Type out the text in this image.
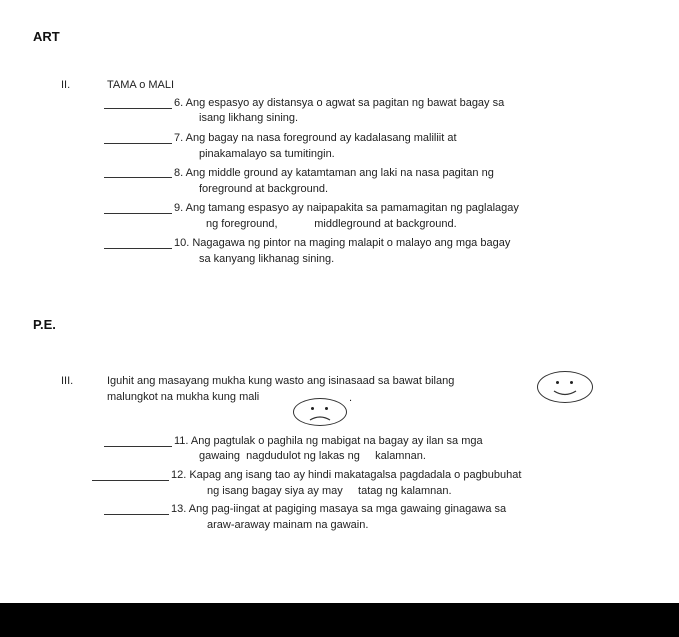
ART
II.	TAMA o MALI
6. Ang espasyo ay distansya o agwat sa pagitan ng bawat bagay sa
isang likhang sining.
7. Ang bagay na nasa foreground ay kadalasang maliliit at
pinakamalayo sa tumitingin.
8. Ang middle ground ay katamtaman ang laki na nasa pagitan ng
foreground at background.
9. Ang tamang espasyo ay naipapakita sa pamamagitan ng paglalagay
ng foreground,            middleground at background.
10. Nagagawa ng pintor na maging malapit o malayo ang mga bagay
sa kanyang likhanag sining.
P.E.
III.	Iguhit ang masayang mukha kung wasto ang isinasaad sa bawat bilang
malungkot na mukha kung mali	.
11. Ang pagtulak o paghila ng mabigat na bagay ay ilan sa mga
gawaing  nagdudulot ng lakas ng     kalamnan.
12. Kapag ang isang tao ay hindi makatagalsa pagdadala o pagbubuhat
ng isang bagay siya ay may     tatag ng kalamnan.
13. Ang pag-iingat at pagiging masaya sa mga gawaing ginagawa sa
araw-araway mainam na gawain.
